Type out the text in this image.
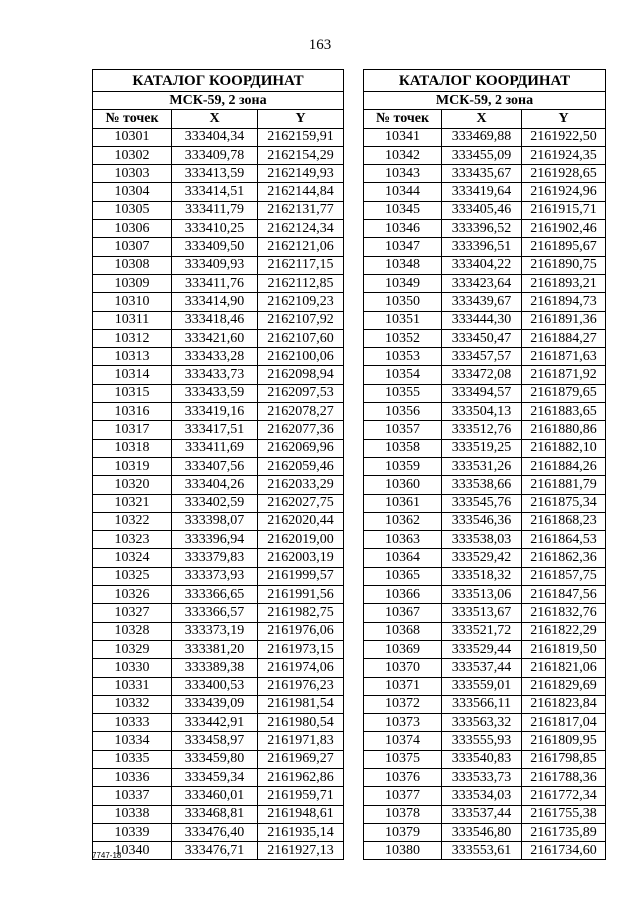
163
КАТАЛОГ КООРДИНАТ		
МСК-59, 2 зона		
№ точек	X	Y
10301	333404,34	2162159,91
10302	333409,78	2162154,29
10303	333413,59	2162149,93
10304	333414,51	2162144,84
10305	333411,79	2162131,77
10306	333410,25	2162124,34
10307	333409,50	2162121,06
10308	333409,93	2162117,15
10309	333411,76	2162112,85
10310	333414,90	2162109,23
10311	333418,46	2162107,92
10312	333421,60	2162107,60
10313	333433,28	2162100,06
10314	333433,73	2162098,94
10315	333433,59	2162097,53
10316	333419,16	2162078,27
10317	333417,51	2162077,36
10318	333411,69	2162069,96
10319	333407,56	2162059,46
10320	333404,26	2162033,29
10321	333402,59	2162027,75
10322	333398,07	2162020,44
10323	333396,94	2162019,00
10324	333379,83	2162003,19
10325	333373,93	2161999,57
10326	333366,65	2161991,56
10327	333366,57	2161982,75
10328	333373,19	2161976,06
10329	333381,20	2161973,15
10330	333389,38	2161974,06
10331	333400,53	2161976,23
10332	333439,09	2161981,54
10333	333442,91	2161980,54
10334	333458,97	2161971,83
10335	333459,80	2161969,27
10336	333459,34	2161962,86
10337	333460,01	2161959,71
10338	333468,81	2161948,61
10339	333476,40	2161935,14
10340	333476,71	2161927,13
КАТАЛОГ КООРДИНАТ		
МСК-59, 2 зона		
№ точек	X	Y
10341	333469,88	2161922,50
10342	333455,09	2161924,35
10343	333435,67	2161928,65
10344	333419,64	2161924,96
10345	333405,46	2161915,71
10346	333396,52	2161902,46
10347	333396,51	2161895,67
10348	333404,22	2161890,75
10349	333423,64	2161893,21
10350	333439,67	2161894,73
10351	333444,30	2161891,36
10352	333450,47	2161884,27
10353	333457,57	2161871,63
10354	333472,08	2161871,92
10355	333494,57	2161879,65
10356	333504,13	2161883,65
10357	333512,76	2161880,86
10358	333519,25	2161882,10
10359	333531,26	2161884,26
10360	333538,66	2161881,79
10361	333545,76	2161875,34
10362	333546,36	2161868,23
10363	333538,03	2161864,53
10364	333529,42	2161862,36
10365	333518,32	2161857,75
10366	333513,06	2161847,56
10367	333513,67	2161832,76
10368	333521,72	2161822,29
10369	333529,44	2161819,50
10370	333537,44	2161821,06
10371	333559,01	2161829,69
10372	333566,11	2161823,84
10373	333563,32	2161817,04
10374	333555,93	2161809,95
10375	333540,83	2161798,85
10376	333533,73	2161788,36
10377	333534,03	2161772,34
10378	333537,44	2161755,38
10379	333546,80	2161735,89
10380	333553,61	2161734,60
7747-18
